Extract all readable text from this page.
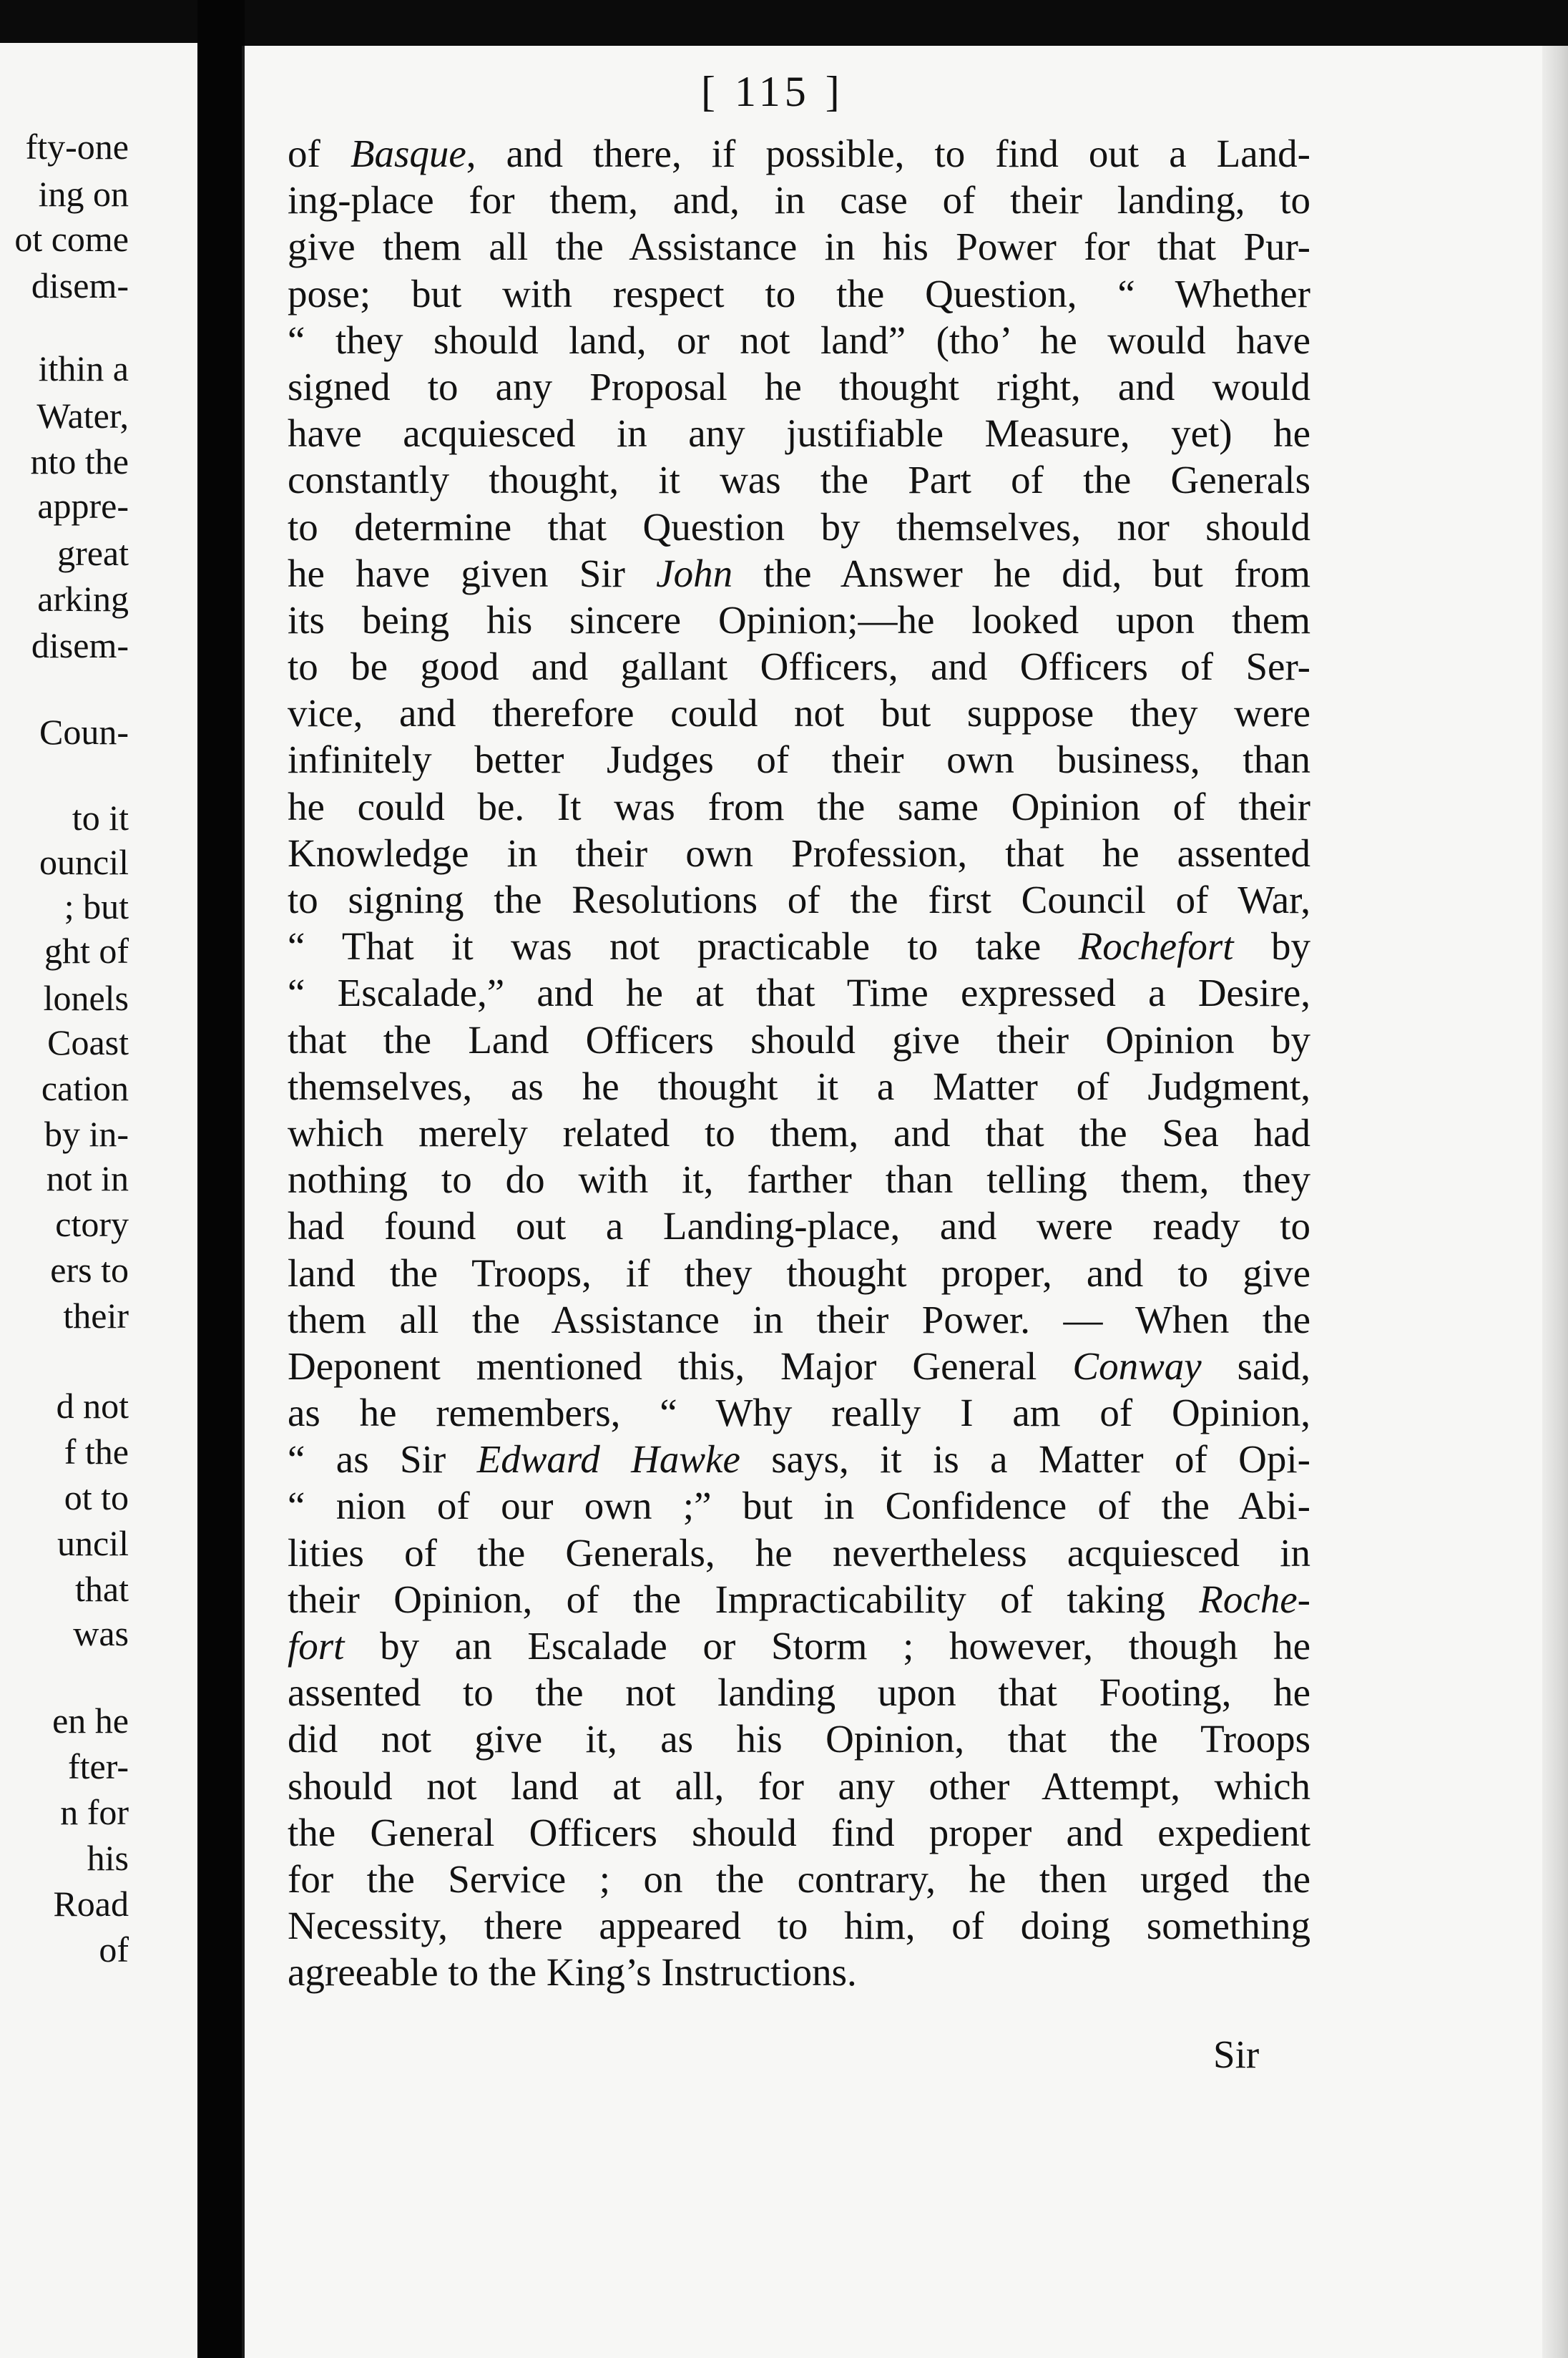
fty-one
ing on
ot come
disem-
ithin a
Water,
nto the
appre-
great
arking
disem-
Coun-
to it
ouncil
; but
ght of
lonels
Coast
cation
by in-
not in
ctory
ers to
their
d not
f the
ot to
uncil
that
was
en he
fter-
n for
his
Road
of
[ 115 ]
of Basque, and there, if possible, to find out a Land-
ing-place for them, and, in case of their landing, to
give them all the Assistance in his Power for that Pur-
pose; but with respect to the Question, “ Whether
“ they should land, or not land” (tho’ he would have
signed to any Proposal he thought right, and would
have acquiesced in any justifiable Measure, yet) he
constantly thought, it was the Part of the Generals
to determine that Question by themselves, nor should
he have given Sir John the Answer he did, but from
its being his sincere Opinion;—he looked upon them
to be good and gallant Officers, and Officers of Ser-
vice, and therefore could not but suppose they were
infinitely better Judges of their own business, than
he could be. It was from the same Opinion of their
Knowledge in their own Profession, that he assented
to signing the Resolutions of the first Council of War,
“ That it was not practicable to take Rochefort by
“ Escalade,” and he at that Time expressed a Desire,
that the Land Officers should give their Opinion by
themselves, as he thought it a Matter of Judgment,
which merely related to them, and that the Sea had
nothing to do with it, farther than telling them, they
had found out a Landing-place, and were ready to
land the Troops, if they thought proper, and to give
them all the Assistance in their Power. — When the
Deponent mentioned this, Major General Conway said,
as he remembers, “ Why really I am of Opinion,
“ as Sir Edward Hawke says, it is a Matter of Opi-
“ nion of our own ;” but in Confidence of the Abi-
lities of the Generals, he nevertheless acquiesced in
their Opinion, of the Impracticability of taking Roche-
fort by an Escalade or Storm ; however, though he
assented to the not landing upon that Footing, he
did not give it, as his Opinion, that the Troops
should not land at all, for any other Attempt, which
the General Officers should find proper and expedient
for the Service ; on the contrary, he then urged the
Necessity, there appeared to him, of doing something
agreeable to the King’s Instructions.
Sir
